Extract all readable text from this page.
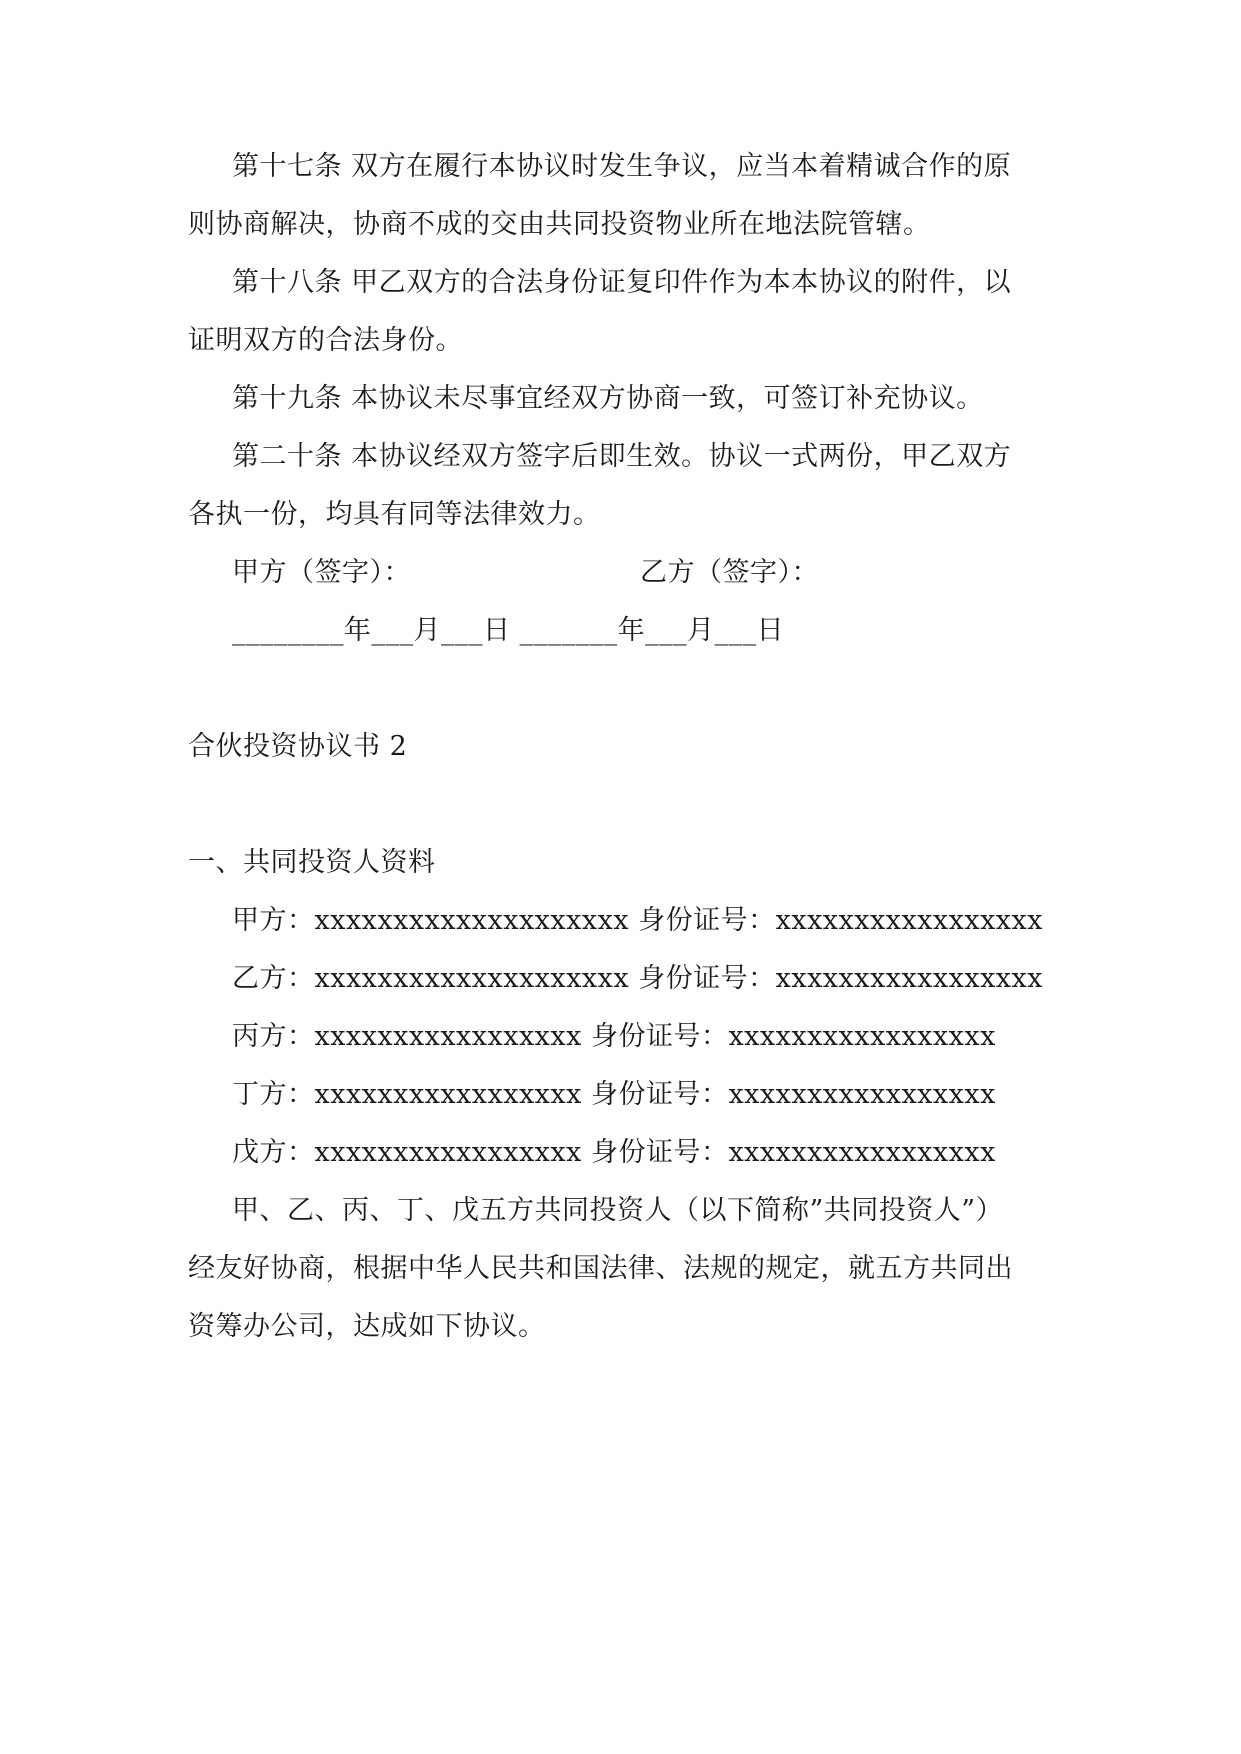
第十七条 双方在履行本协议时发生争议，应当本着精诚合作的原
则协商解决，协商不成的交由共同投资物业所在地法院管辖。
第十八条 甲乙双方的合法身份证复印件作为本本协议的附件，以
证明双方的合法身份。
第十九条 本协议未尽事宜经双方协商一致，可签订补充协议。
第二十条 本协议经双方签字后即生效。协议一式两份，甲乙双方
各执一份，均具有同等法律效力。
甲方（签字）：	乙方（签字）：
________年___月___日 _______年___月___日
合伙投资协议书 2
一、共同投资人资料
甲方：xxxxxxxxxxxxxxxxxxxx 身份证号：xxxxxxxxxxxxxxxxx
乙方：xxxxxxxxxxxxxxxxxxxx 身份证号：xxxxxxxxxxxxxxxxx
丙方：xxxxxxxxxxxxxxxxx 身份证号：xxxxxxxxxxxxxxxxx
丁方：xxxxxxxxxxxxxxxxx 身份证号：xxxxxxxxxxxxxxxxx
戊方：xxxxxxxxxxxxxxxxx 身份证号：xxxxxxxxxxxxxxxxx
甲、乙、丙、丁、戊五方共同投资人（以下简称”共同投资人”）
经友好协商，根据中华人民共和国法律、法规的规定，就五方共同出
资筹办公司，达成如下协议。
